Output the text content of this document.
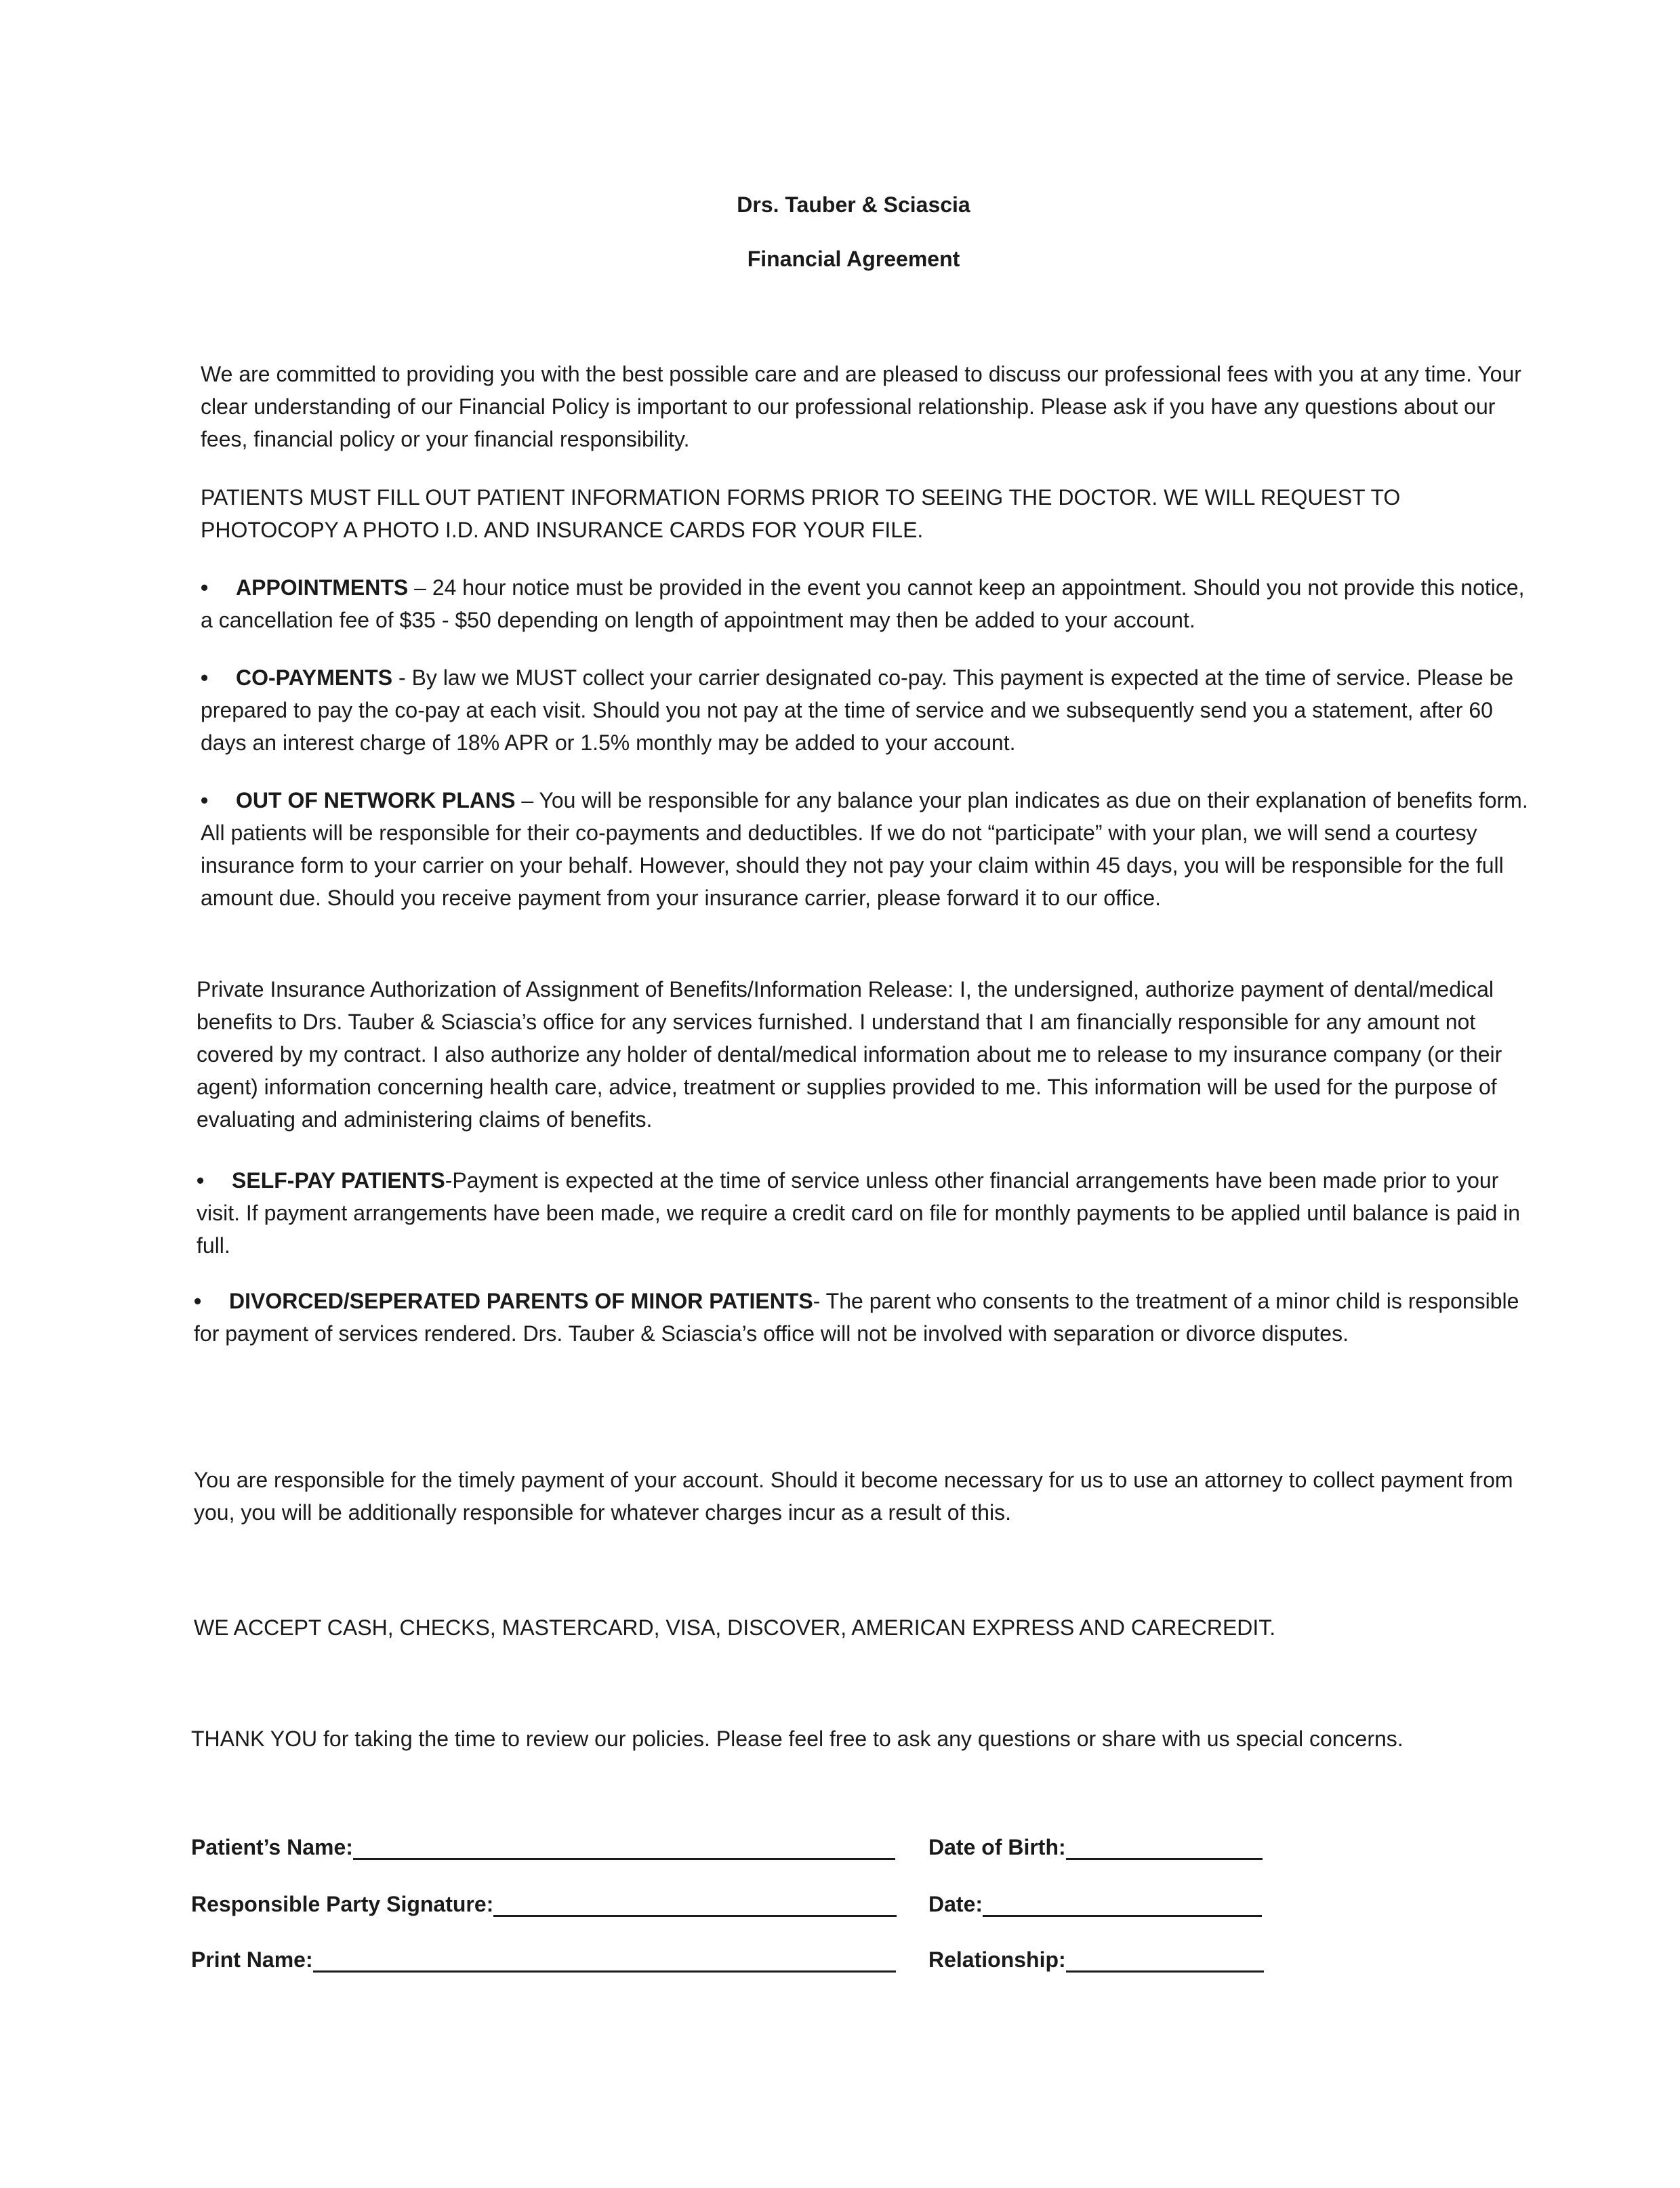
Drs. Tauber & Sciascia
Financial Agreement
We are committed to providing you with the best possible care and are pleased to discuss our professional fees with you at any time. Your clear understanding of our Financial Policy is important to our professional relationship. Please ask if you have any questions about our fees, financial policy or your financial responsibility.
PATIENTS MUST FILL OUT PATIENT INFORMATION FORMS PRIOR TO SEEING THE DOCTOR. WE WILL REQUEST TO PHOTOCOPY A PHOTO I.D. AND INSURANCE CARDS FOR YOUR FILE.
• APPOINTMENTS – 24 hour notice must be provided in the event you cannot keep an appointment. Should you not provide this notice, a cancellation fee of $35 - $50 depending on length of appointment may then be added to your account.
• CO-PAYMENTS - By law we MUST collect your carrier designated co-pay. This payment is expected at the time of service. Please be prepared to pay the co-pay at each visit. Should you not pay at the time of service and we subsequently send you a statement, after 60 days an interest charge of 18% APR or 1.5% monthly may be added to your account.
• OUT OF NETWORK PLANS – You will be responsible for any balance your plan indicates as due on their explanation of benefits form. All patients will be responsible for their co-payments and deductibles. If we do not “participate” with your plan, we will send a courtesy insurance form to your carrier on your behalf. However, should they not pay your claim within 45 days, you will be responsible for the full amount due. Should you receive payment from your insurance carrier, please forward it to our office.
Private Insurance Authorization of Assignment of Benefits/Information Release: I, the undersigned, authorize payment of dental/medical benefits to Drs. Tauber & Sciascia’s office for any services furnished. I understand that I am financially responsible for any amount not covered by my contract. I also authorize any holder of dental/medical information about me to release to my insurance company (or their agent) information concerning health care, advice, treatment or supplies provided to me. This information will be used for the purpose of evaluating and administering claims of benefits.
• SELF-PAY PATIENTS-Payment is expected at the time of service unless other financial arrangements have been made prior to your visit. If payment arrangements have been made, we require a credit card on file for monthly payments to be applied until balance is paid in full.
• DIVORCED/SEPERATED PARENTS OF MINOR PATIENTS- The parent who consents to the treatment of a minor child is responsible for payment of services rendered. Drs. Tauber & Sciascia’s office will not be involved with separation or divorce disputes.
You are responsible for the timely payment of your account. Should it become necessary for us to use an attorney to collect payment from you, you will be additionally responsible for whatever charges incur as a result of this.
WE ACCEPT CASH, CHECKS, MASTERCARD, VISA, DISCOVER, AMERICAN EXPRESS AND CARECREDIT.
THANK YOU for taking the time to review our policies. Please feel free to ask any questions or share with us special concerns.
Patient’s Name:	Date of Birth:
Responsible Party Signature:	Date:
Print Name:	Relationship:
